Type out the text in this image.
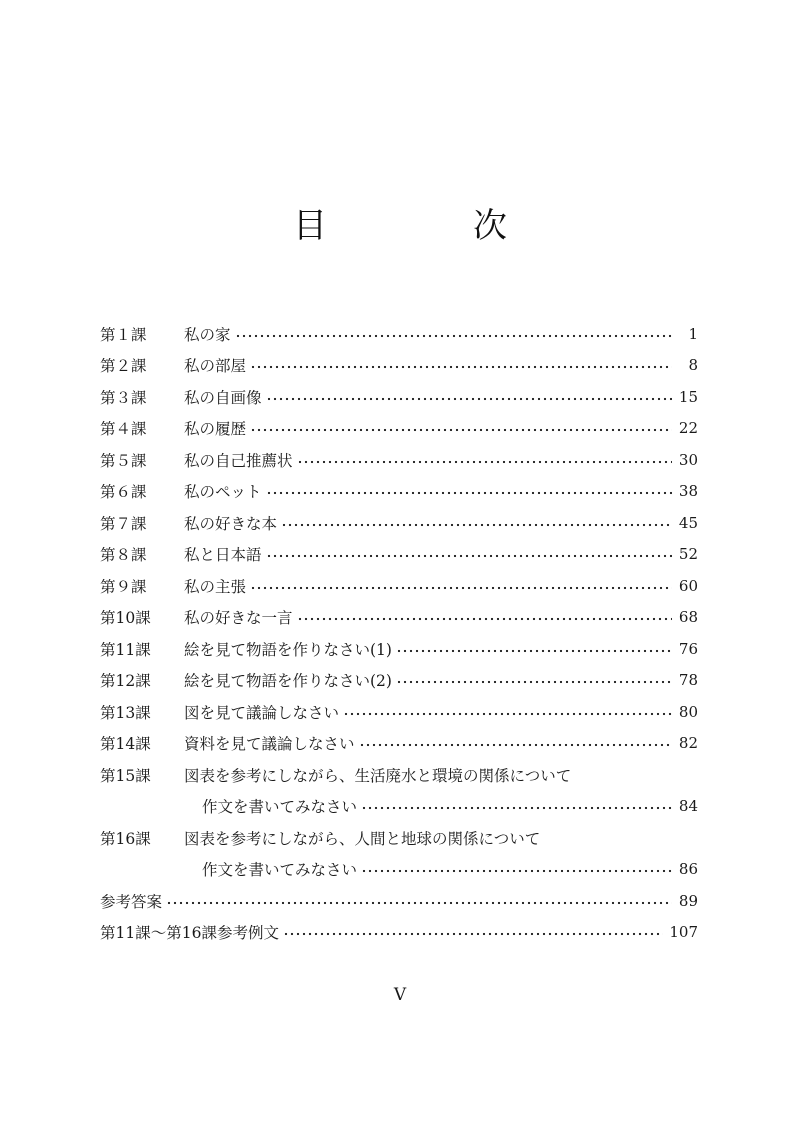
目　次
第１課	私の家	1
第２課	私の部屋	8
第３課	私の自画像	15
第４課	私の履歴	22
第５課	私の自己推薦状	30
第６課	私のペット	38
第７課	私の好きな本	45
第８課	私と日本語	52
第９課	私の主張	60
第10課	私の好きな一言	68
第11課	絵を見て物語を作りなさい(1)	76
第12課	絵を見て物語を作りなさい(2)	78
第13課	図を見て議論しなさい	80
第14課	資料を見て議論しなさい	82
第15課	図表を参考にしながら、生活廃水と環境の関係について
作文を書いてみなさい	84
第16課	図表を参考にしながら、人間と地球の関係について
作文を書いてみなさい	86
参考答案	89
第11課～第16課参考例文	107
V
